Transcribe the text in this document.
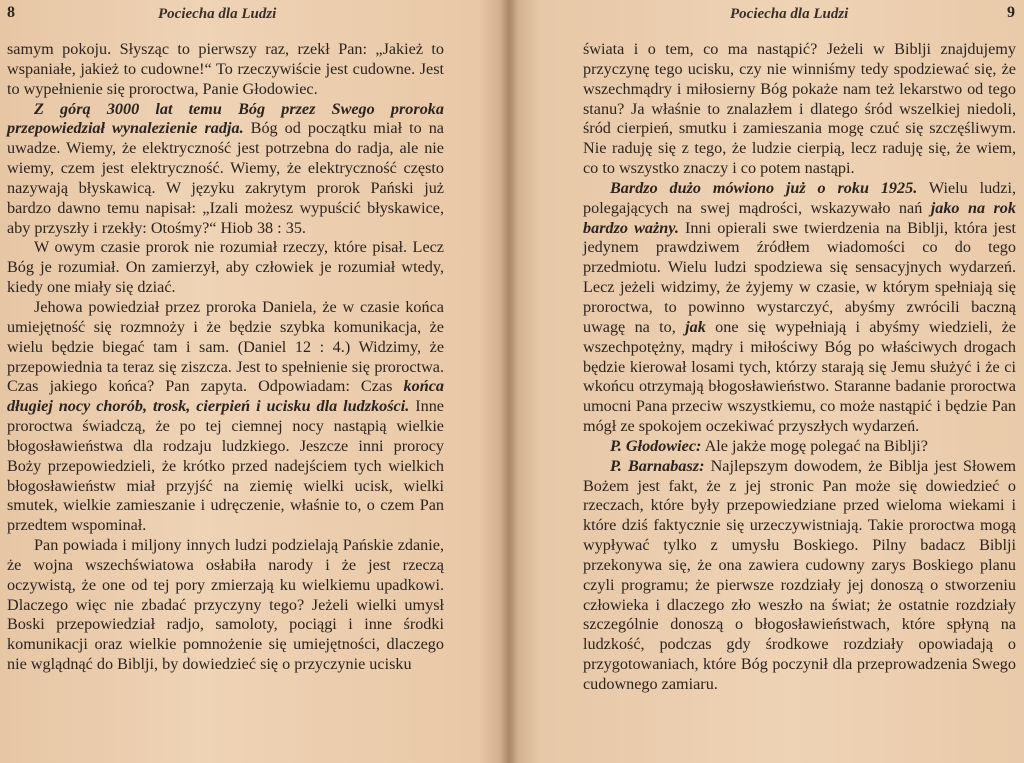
8	Pociecha dla Ludzi

samym pokoju. Słysząc to pierwszy raz, rzekł Pan: „Jakież to wspaniałe, jakież to cudowne!“ To rzeczywiście jest cudowne. Jest to wypełnienie się proroctwa, Panie Głodowiec.

Z górą 3000 lat temu Bóg przez Swego proroka przepowiedział wynalezienie radja. Bóg od początku miał to na uwadze. Wiemy, że elektryczność jest potrzebna do radja, ale nie wiemy, czem jest elektryczność. Wiemy, że elektryczność często nazywają błyskawicą. W języku zakrytym prorok Pański już bardzo dawno temu napisał: „Izali możesz wypuścić błyskawice, aby przyszły i rzekły: Otośmy?“ Hiob 38 : 35.

W owym czasie prorok nie rozumiał rzeczy, które pisał. Lecz Bóg je rozumiał. On zamierzył, aby człowiek je rozumiał wtedy, kiedy one miały się dziać.

Jehowa powiedział przez proroka Daniela, że w czasie końca umiejętność się rozmnoży i że będzie szybka komunikacja, że wielu będzie biegać tam i sam. (Daniel 12 : 4.) Widzimy, że przepowiednia ta teraz się ziszcza. Jest to spełnienie się proroctwa. Czas jakiego końca? Pan zapyta. Odpowiadam: Czas końca długiej nocy chorób, trosk, cierpień i ucisku dla ludzkości. Inne proroctwa świadczą, że po tej ciemnej nocy nastąpią wielkie błogosławieństwa dla rodzaju ludzkiego. Jeszcze inni prorocy Boży przepowiedzieli, że krótko przed nadejściem tych wielkich błogosławieństw miał przyjść na ziemię wielki ucisk, wielki smutek, wielkie zamieszanie i udręczenie, właśnie to, o czem Pan przedtem wspominał.

Pan powiada i miljony innych ludzi podzielają Pańskie zdanie, że wojna wszechświatowa osłabiła narody i że jest rzeczą oczywistą, że one od tej pory zmierzają ku wielkiemu upadkowi. Dlaczego więc nie zbadać przyczyny tego? Jeżeli wielki umysł Boski przepowiedział radjo, samoloty, pociągi i inne środki komunikacji oraz wielkie pomnożenie się umiejętności, dlaczego nie wglądnąć do Biblji, by dowiedzieć się o przyczynie ucisku

Pociecha dla Ludzi	9

świata i o tem, co ma nastąpić? Jeżeli w Biblji znajdujemy przyczynę tego ucisku, czy nie winniśmy tedy spodziewać się, że wszechmądry i miłosierny Bóg pokaże nam też lekarstwo od tego stanu? Ja właśnie to znalazłem i dlatego śród wszelkiej niedoli, śród cierpień, smutku i zamieszania mogę czuć się szczęśliwym. Nie raduję się z tego, że ludzie cierpią, lecz raduję się, że wiem, co to wszystko znaczy i co potem nastąpi.

Bardzo dużo mówiono już o roku 1925. Wielu ludzi, polegających na swej mądrości, wskazywało nań jako na rok bardzo ważny. Inni opierali swe twierdzenia na Biblji, która jest jedynem prawdziwem źródłem wiadomości co do tego przedmiotu. Wielu ludzi spodziewa się sensacyjnych wydarzeń. Lecz jeżeli widzimy, że żyjemy w czasie, w którym spełniają się proroctwa, to powinno wystarczyć, abyśmy zwrócili baczną uwagę na to, jak one się wypełniają i abyśmy wiedzieli, że wszechpotężny, mądry i miłościwy Bóg po właściwych drogach będzie kierował losami tych, którzy starają się Jemu służyć i że ci wkońcu otrzymają błogosławieństwo. Staranne badanie proroctwa umocni Pana przeciw wszystkiemu, co może nastąpić i będzie Pan mógł ze spokojem oczekiwać przyszłych wydarzeń.

P. Głodowiec: Ale jakże mogę polegać na Biblji?

P. Barnabasz: Najlepszym dowodem, że Biblja jest Słowem Bożem jest fakt, że z jej stronic Pan może się dowiedzieć o rzeczach, które były przepowiedziane przed wieloma wiekami i które dziś faktycznie się urzeczywistniają. Takie proroctwa mogą wypływać tylko z umysłu Boskiego. Pilny badacz Biblji przekonywa się, że ona zawiera cudowny zarys Boskiego planu czyli programu; że pierwsze rozdziały jej donoszą o stworzeniu człowieka i dlaczego zło weszło na świat; że ostatnie rozdziały szczególnie donoszą o błogosławieństwach, które spłyną na ludzkość, podczas gdy środkowe rozdziały opowiadają o przygotowaniach, które Bóg poczynił dla przeprowadzenia Swego cudownego zamiaru.
